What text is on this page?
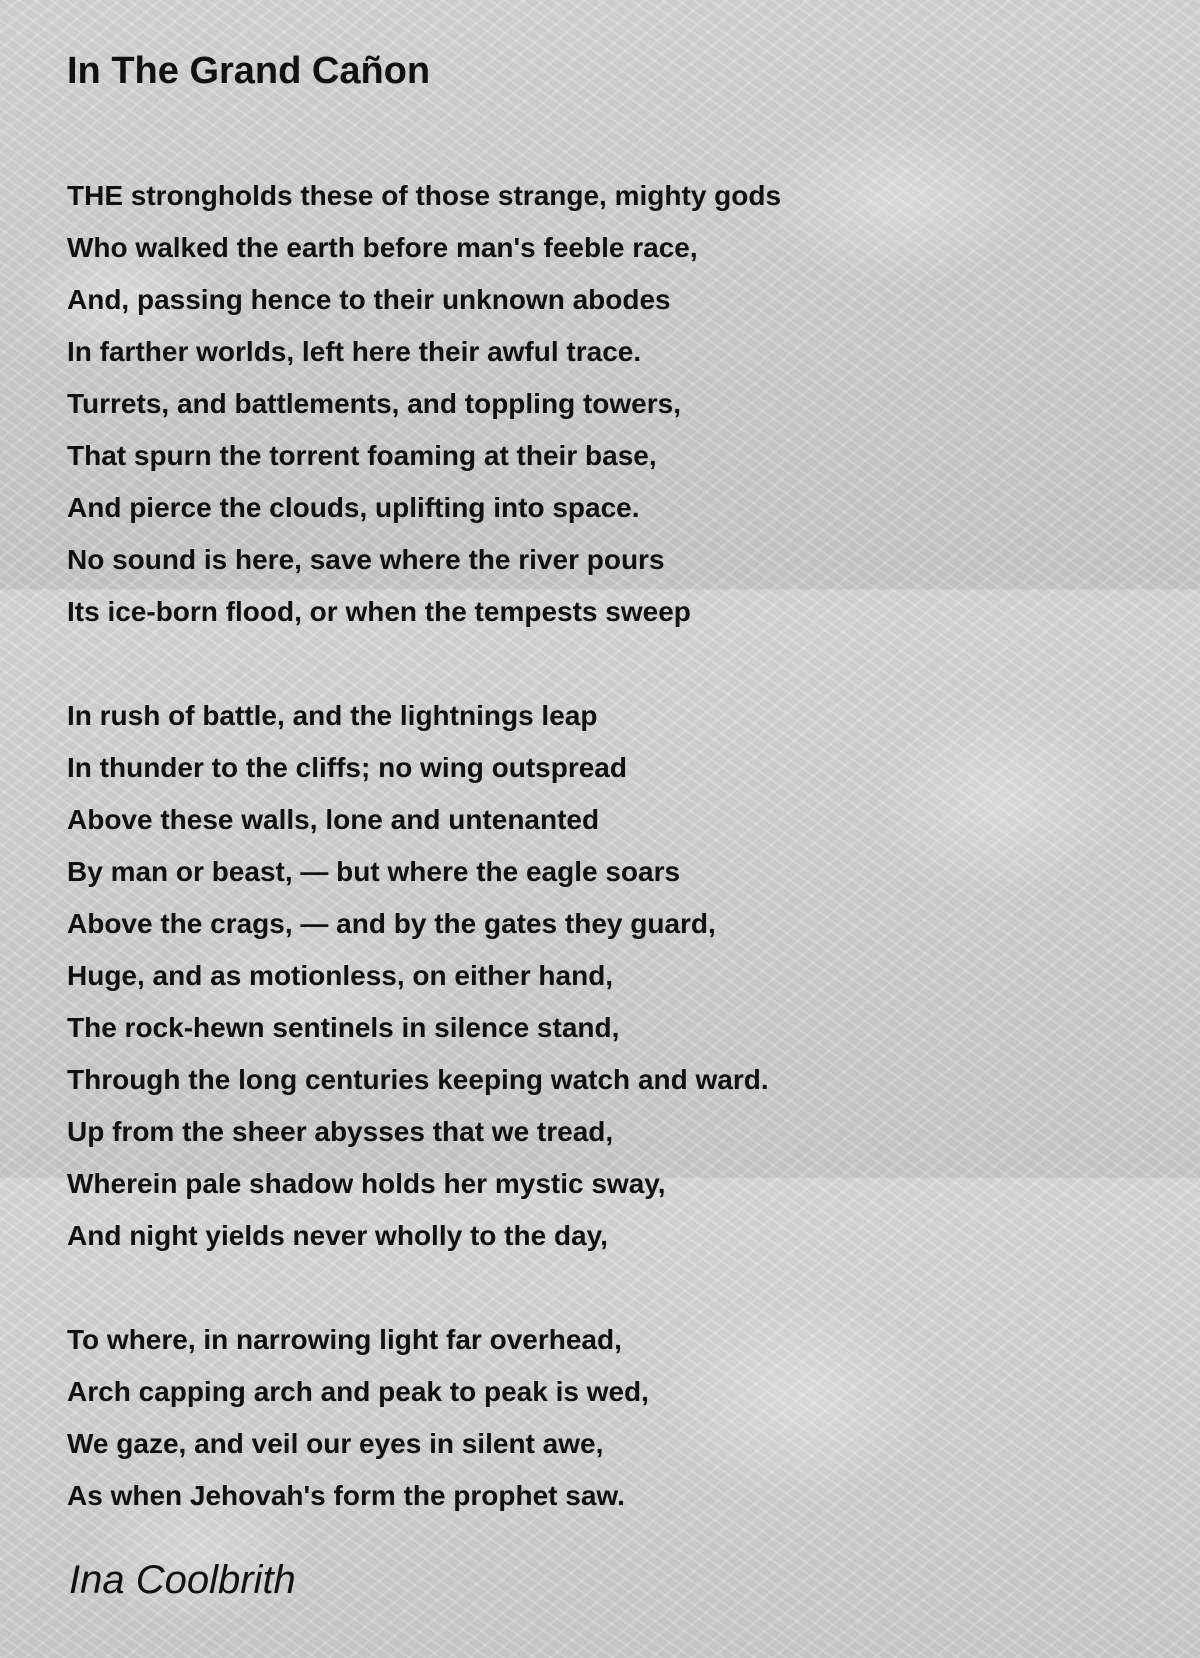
In The Grand Cañon
THE strongholds these of those strange, mighty gods
Who walked the earth before man's feeble race,
And, passing hence to their unknown abodes
In farther worlds, left here their awful trace.
Turrets, and battlements, and toppling towers,
That spurn the torrent foaming at their base,
And pierce the clouds, uplifting into space.
No sound is here, save where the river pours
Its ice-born flood, or when the tempests sweep
In rush of battle, and the lightnings leap
In thunder to the cliffs; no wing outspread
Above these walls, lone and untenanted
By man or beast, — but where the eagle soars
Above the crags, — and by the gates they guard,
Huge, and as motionless, on either hand,
The rock-hewn sentinels in silence stand,
Through the long centuries keeping watch and ward.
Up from the sheer abysses that we tread,
Wherein pale shadow holds her mystic sway,
And night yields never wholly to the day,
To where, in narrowing light far overhead,
Arch capping arch and peak to peak is wed,
We gaze, and veil our eyes in silent awe,
As when Jehovah's form the prophet saw.
Ina Coolbrith
